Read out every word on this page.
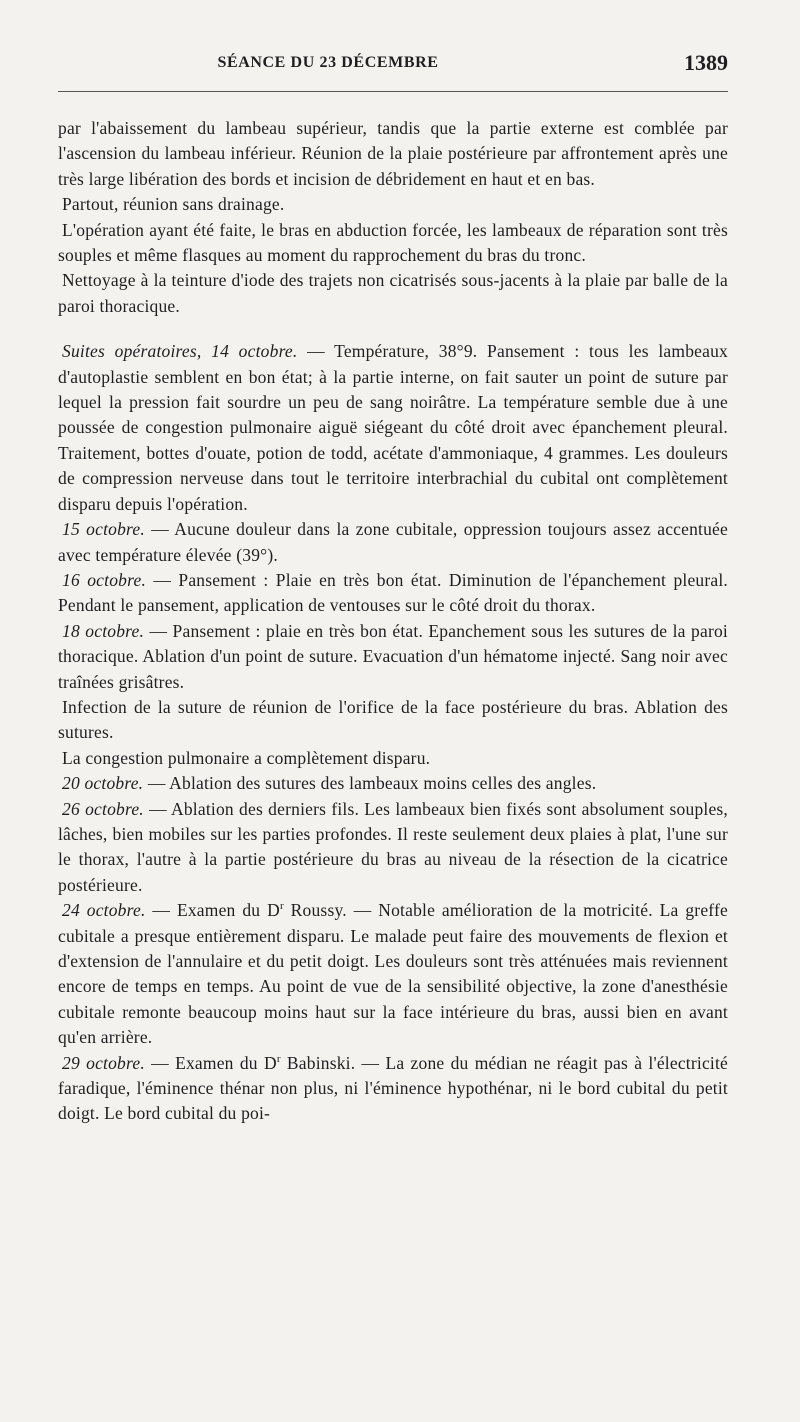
SÉANCE DU 23 DÉCEMBRE	1389

par l'abaissement du lambeau supérieur, tandis que la partie externe est comblée par l'ascension du lambeau inférieur. Réunion de la plaie postérieure par affrontement après une très large libération des bords et incision de débridement en haut et en bas.

Partout, réunion sans drainage.

L'opération ayant été faite, le bras en abduction forcée, les lambeaux de réparation sont très souples et même flasques au moment du rapprochement du bras du tronc.

Nettoyage à la teinture d'iode des trajets non cicatrisés sous-jacents à la plaie par balle de la paroi thoracique.

Suites opératoires, 14 octobre. — Température, 38°9. Pansement : tous les lambeaux d'autoplastie semblent en bon état; à la partie interne, on fait sauter un point de suture par lequel la pression fait sourdre un peu de sang noirâtre. La température semble due à une poussée de congestion pulmonaire aiguë siégeant du côté droit avec épanchement pleural. Traitement, bottes d'ouate, potion de todd, acétate d'ammoniaque, 4 grammes. Les douleurs de compression nerveuse dans tout le territoire interbrachial du cubital ont complètement disparu depuis l'opération.

15 octobre. — Aucune douleur dans la zone cubitale, oppression toujours assez accentuée avec température élevée (39°).

16 octobre. — Pansement : Plaie en très bon état. Diminution de l'épanchement pleural. Pendant le pansement, application de ventouses sur le côté droit du thorax.

18 octobre. — Pansement : plaie en très bon état. Epanchement sous les sutures de la paroi thoracique. Ablation d'un point de suture. Evacuation d'un hématome injecté. Sang noir avec traînées grisâtres.

Infection de la suture de réunion de l'orifice de la face postérieure du bras. Ablation des sutures.

La congestion pulmonaire a complètement disparu.

20 octobre. — Ablation des sutures des lambeaux moins celles des angles.

26 octobre. — Ablation des derniers fils. Les lambeaux bien fixés sont absolument souples, lâches, bien mobiles sur les parties profondes. Il reste seulement deux plaies à plat, l'une sur le thorax, l'autre à la partie postérieure du bras au niveau de la résection de la cicatrice postérieure.

24 octobre. — Examen du $D^r$ Roussy. — Notable amélioration de la motricité. La greffe cubitale a presque entièrement disparu. Le malade peut faire des mouvements de flexion et d'extension de l'annulaire et du petit doigt. Les douleurs sont très atténuées mais reviennent encore de temps en temps. Au point de vue de la sensibilité objective, la zone d'anesthésie cubitale remonte beaucoup moins haut sur la face intérieure du bras, aussi bien en avant qu'en arrière.

29 octobre. — Examen du $D^r$ Babinski. — La zone du médian ne réagit pas à l'électricité faradique, l'éminence thénar non plus, ni l'éminence hypothénar, ni le bord cubital du petit doigt. Le bord cubital du poi-
